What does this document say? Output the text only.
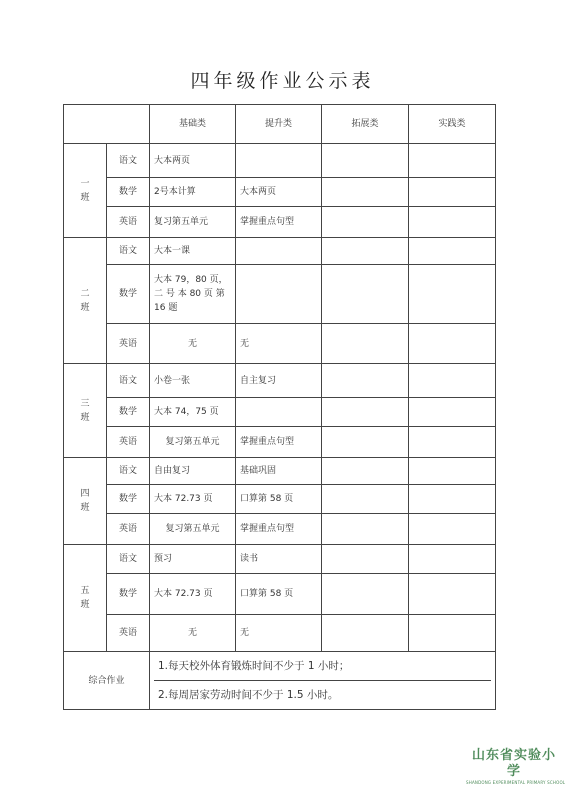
四年级作业公示表
		基础类	提升类	拓展类	实践类

一
班	语文	大本两页			
	数学	2号本计算	大本两页		
	英语	复习第五单元	掌握重点句型		

二
班	语文	大本一课			
	数学	大本 79，80 页，
二 号 本 80 页 第
16 题			

	英语	无	无		

三
班	语文	小卷一张	自主复习		
	数学	大本 74，75 页			
	英语	复习第五单元	掌握重点句型		

四
班	语文	自由复习	基础巩固		
	数学	大本 72.73 页	口算第 58 页		
	英语	复习第五单元	掌握重点句型		

五
班	语文	预习	读书		
	数学	大本 72.73 页	口算第 58 页		
	英语	无	无		
综合作业		1.每天校外体育锻炼时间不少于 1 小时；
2.每周居家劳动时间不少于 1.5 小时。			
山东省实验小学
SHANDONG EXPERIMENTAL PRIMARY SCHOOL
